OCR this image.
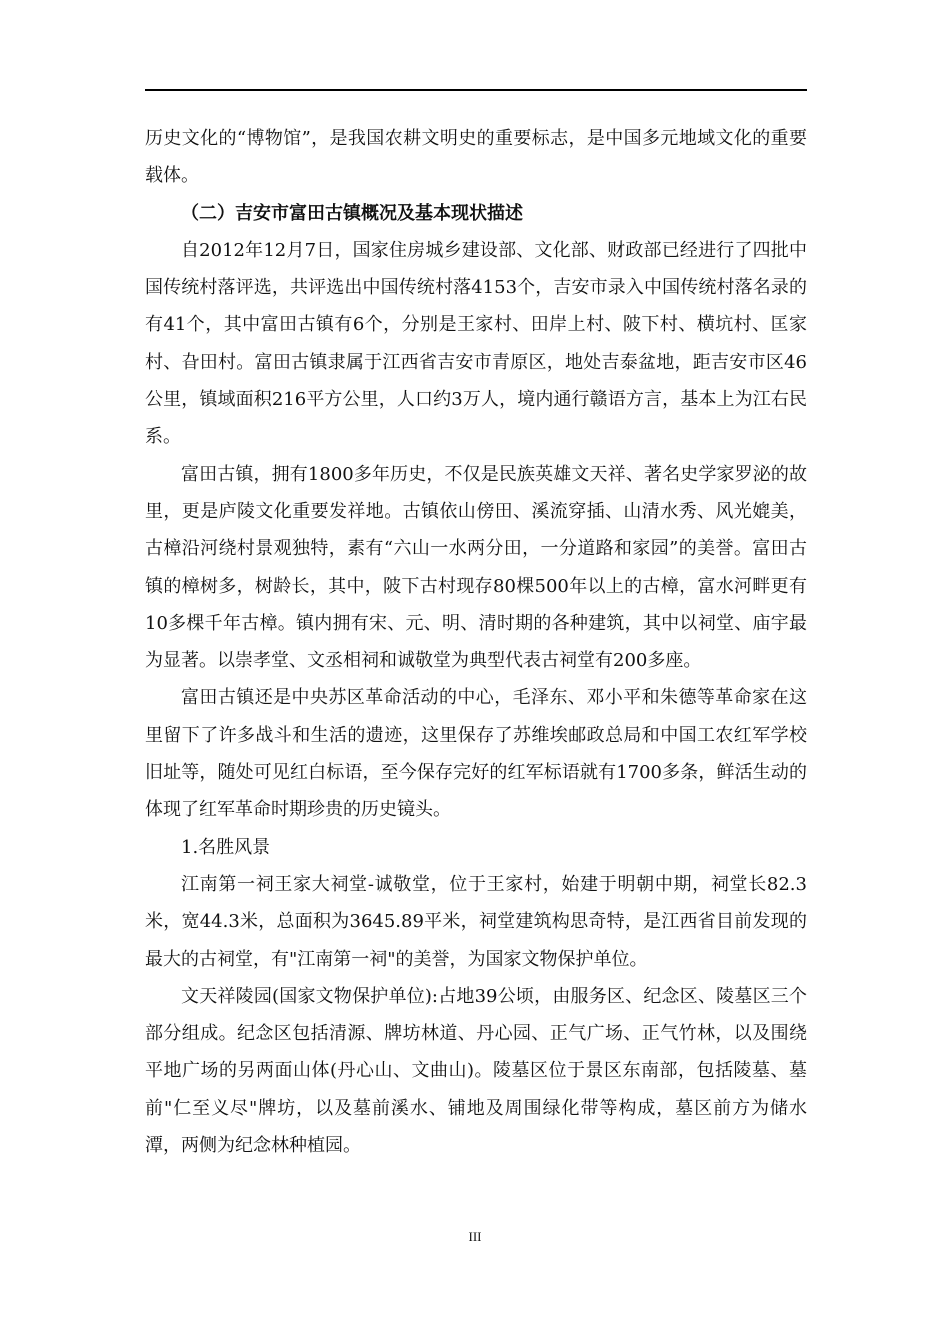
历史文化的“博物馆”，是我国农耕文明史的重要标志，是中国多元地域文化的重要载体。

（二）吉安市富田古镇概况及基本现状描述

自2012年12月7日，国家住房城乡建设部、文化部、财政部已经进行了四批中国传统村落评选，共评选出中国传统村落4153个，吉安市录入中国传统村落名录的有41个，其中富田古镇有6个，分别是王家村、田岸上村、陂下村、横坑村、匡家村、旮田村。富田古镇隶属于江西省吉安市青原区，地处吉泰盆地，距吉安市区46公里，镇域面积216平方公里，人口约3万人，境内通行赣语方言，基本上为江右民系。

富田古镇，拥有1800多年历史，不仅是民族英雄文天祥、著名史学家罗泌的故里，更是庐陵文化重要发祥地。古镇依山傍田、溪流穿插、山清水秀、风光媲美，古樟沿河绕村景观独特，素有“六山一水两分田，一分道路和家园”的美誉。富田古镇的樟树多，树龄长，其中，陂下古村现存80棵500年以上的古樟，富水河畔更有10多棵千年古樟。镇内拥有宋、元、明、清时期的各种建筑，其中以祠堂、庙宇最为显著。以崇孝堂、文丞相祠和诚敬堂为典型代表古祠堂有200多座。

富田古镇还是中央苏区革命活动的中心，毛泽东、邓小平和朱德等革命家在这里留下了许多战斗和生活的遗迹，这里保存了苏维埃邮政总局和中国工农红军学校旧址等，随处可见红白标语，至今保存完好的红军标语就有1700多条，鲜活生动的体现了红军革命时期珍贵的历史镜头。

1.名胜风景

江南第一祠王家大祠堂-诚敬堂，位于王家村，始建于明朝中期，祠堂长82.3米，宽44.3米，总面积为3645.89平米，祠堂建筑构思奇特，是江西省目前发现的最大的古祠堂，有"江南第一祠"的美誉，为国家文物保护单位。

文天祥陵园(国家文物保护单位):占地39公顷，由服务区、纪念区、陵墓区三个部分组成。纪念区包括清源、牌坊林道、丹心园、正气广场、正气竹林，以及围绕平地广场的另两面山体(丹心山、文曲山)。陵墓区位于景区东南部，包括陵墓、墓前"仁至义尽"牌坊，以及墓前溪水、铺地及周围绿化带等构成，墓区前方为储水潭，两侧为纪念林种植园。

III
